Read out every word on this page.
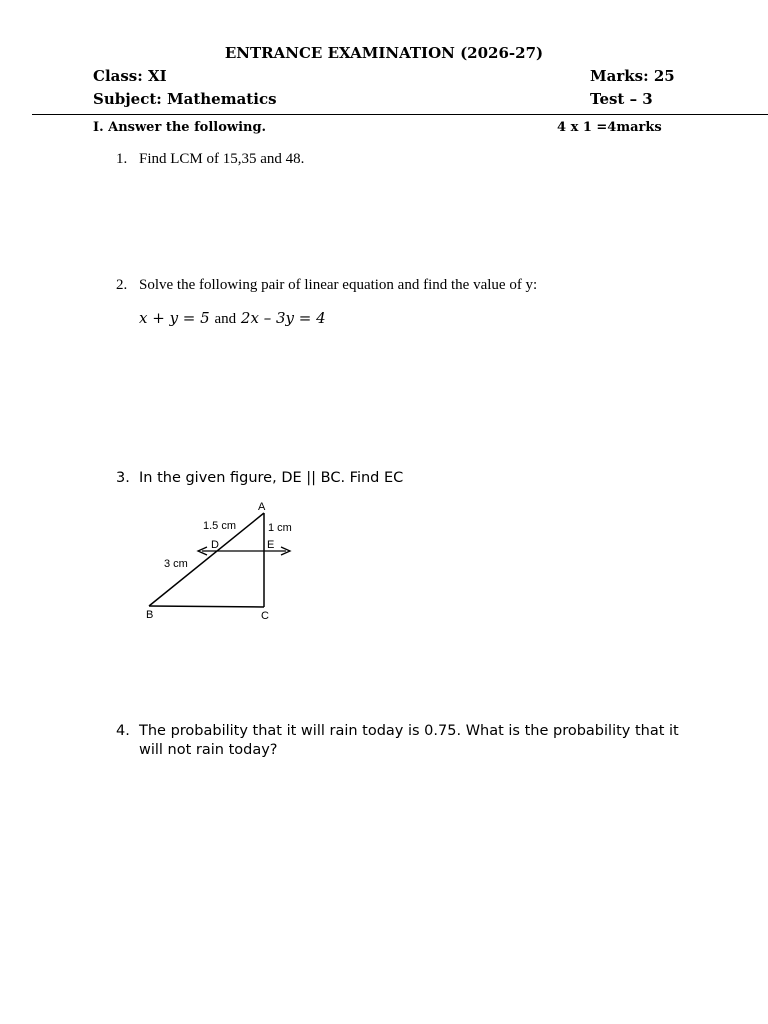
ENTRANCE EXAMINATION (2026-27)
Class: XI	Marks: 25
Subject: Mathematics	Test – 3
I. Answer the following.	4 x 1 =4marks
1. Find LCM of 15,35 and 48.
2. Solve the following pair of linear equation and find the value of y:
x + y = 5 and 2x – 3y = 4
3. In the given figure, DE || BC. Find EC
A
B	C
D	E
1.5 cm	1 cm
3 cm
4. The probability that it will rain today is 0.75. What is the probability that it will not rain today?
